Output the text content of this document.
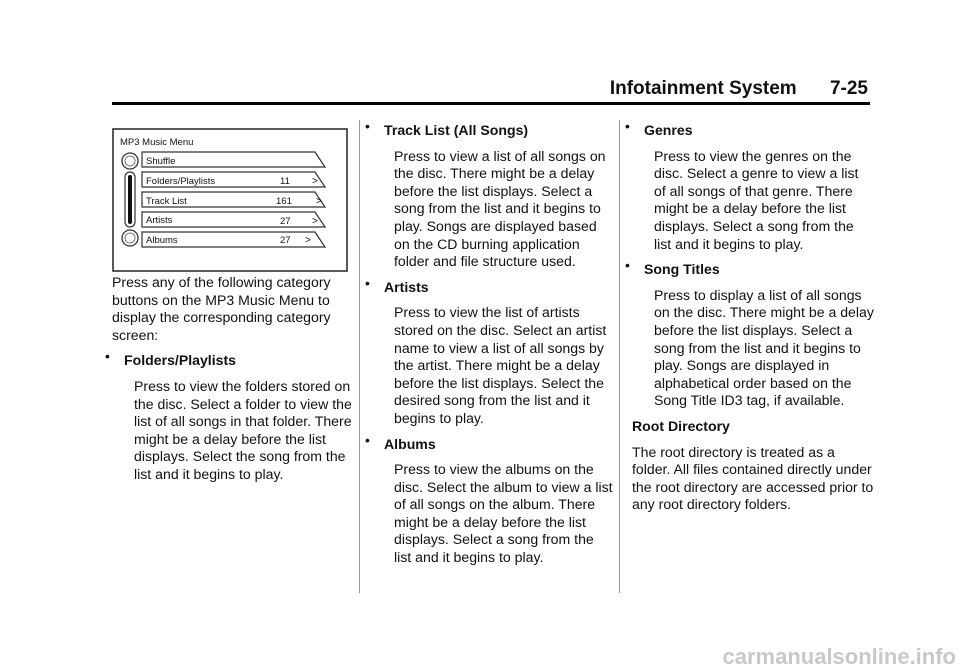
Infotainment System 7-25
MP3 Music Menu
Shuffle
Folders/Playlists	11 >
Track List	161 >
Artists	27 >
Albums	27 >

Press any of the following category buttons on the MP3 Music Menu to display the corresponding category screen:

• Folders/Playlists
Press to view the folders stored on the disc. Select a folder to view the list of all songs in that folder. There might be a delay before the list displays. Select the song from the list and it begins to play.
• Track List (All Songs)
Press to view a list of all songs on the disc. There might be a delay before the list displays. Select a song from the list and it begins to play. Songs are displayed based on the CD burning application folder and file structure used.
• Artists
Press to view the list of artists stored on the disc. Select an artist name to view a list of all songs by the artist. There might be a delay before the list displays. Select the desired song from the list and it begins to play.
• Albums
Press to view the albums on the disc. Select the album to view a list of all songs on the album. There might be a delay before the list displays. Select a song from the list and it begins to play.
• Genres
Press to view the genres on the disc. Select a genre to view a list of all songs of that genre. There might be a delay before the list displays. Select a song from the list and it begins to play.
• Song Titles
Press to display a list of all songs on the disc. There might be a delay before the list displays. Select a song from the list and it begins to play. Songs are displayed in alphabetical order based on the Song Title ID3 tag, if available.
Root Directory

The root directory is treated as a folder. All files contained directly under the root directory are accessed prior to any root directory folders.

carmanualsonline.info
